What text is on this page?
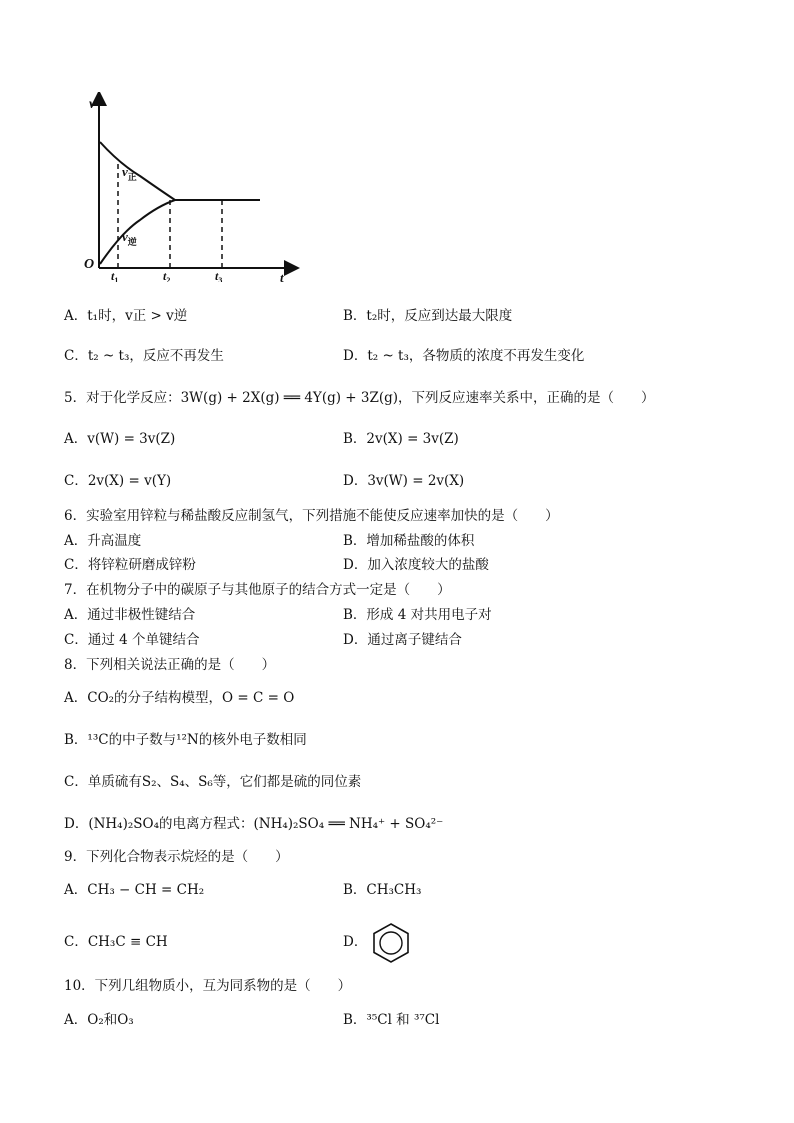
v
t
O
$v_正$
$v_逆$
$t_1$	$t_2$	$t_3$
A．t₁时，v正 > v逆	B．t₂时，反应到达最大限度
C．t₂ ~ t₃，反应不再发生	D．t₂ ~ t₃，各物质的浓度不再发生变化
5．对于化学反应：3W(g) + 2X(g) ══ 4Y(g) + 3Z(g)，下列反应速率关系中，正确的是（　　）
A．v(W) = 3v(Z)	B．2v(X) = 3v(Z)
C．2v(X) = v(Y)	D．3v(W) = 2v(X)
6．实验室用锌粒与稀盐酸反应制氢气，下列措施不能使反应速率加快的是（　　）
A．升高温度	B．增加稀盐酸的体积
C．将锌粒研磨成锌粉	D．加入浓度较大的盐酸
7．在机物分子中的碳原子与其他原子的结合方式一定是（　　）
A．通过非极性键结合	B．形成 4 对共用电子对
C．通过 4 个单键结合	D．通过离子键结合
8．下列相关说法正确的是（　　）
A．CO₂的分子结构模型，O = C = O
B．¹³C的中子数与¹²N的核外电子数相同
C．单质硫有S₂、S₄、S₆等，它们都是硫的同位素
D．(NH₄)₂SO₄的电离方程式：(NH₄)₂SO₄ ══ NH₄⁺ + SO₄²⁻
9．下列化合物表示烷烃的是（　　）
A．CH₃ − CH = CH₂	B．CH₃CH₃
C．CH₃C ≡ CH	D．
10．下列几组物质小，互为同系物的是（　　）
A．O₂和O₃	B．³⁵Cl 和 ³⁷Cl
